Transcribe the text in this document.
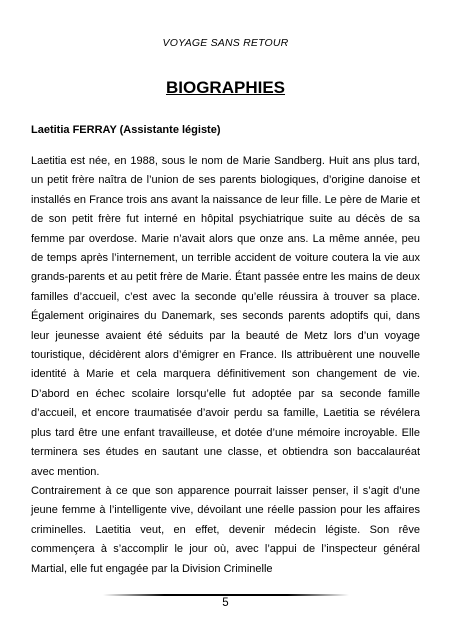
VOYAGE SANS RETOUR
BIOGRAPHIES
Laetitia FERRAY (Assistante légiste)

Laetitia est née, en 1988, sous le nom de Marie Sandberg. Huit ans plus tard, un petit frère naîtra de l’union de ses parents biologiques, d’origine danoise et installés en France trois ans avant la naissance de leur fille. Le père de Marie et de son petit frère fut interné en hôpital psychiatrique suite au décès de sa femme par overdose. Marie n’avait alors que onze ans. La même année, peu de temps après l’internement, un terrible accident de voiture coutera la vie aux grands-parents et au petit frère de Marie. Étant passée entre les mains de deux familles d’accueil, c’est avec la seconde qu’elle réussira à trouver sa place. Également originaires du Danemark, ses seconds parents adoptifs qui, dans leur jeunesse avaient été séduits par la beauté de Metz lors d’un voyage touristique, décidèrent alors d’émigrer en France. Ils attribuèrent une nouvelle identité à Marie et cela marquera définitivement son changement de vie. D’abord en échec scolaire lorsqu’elle fut adoptée par sa seconde famille d’accueil, et encore traumatisée d’avoir perdu sa famille, Laetitia se révélera plus tard être une enfant travailleuse, et dotée d’une mémoire incroyable. Elle terminera ses études en sautant une classe, et obtiendra son baccalauréat avec mention.

Contrairement à ce que son apparence pourrait laisser penser, il s’agit d’une jeune femme à l’intelligente vive, dévoilant une réelle passion pour les affaires criminelles. Laetitia veut, en effet, devenir médecin légiste. Son rêve commençera à s’accomplir le jour où, avec l’appui de l’inspecteur général Martial, elle fut engagée par la Division Criminelle

5
